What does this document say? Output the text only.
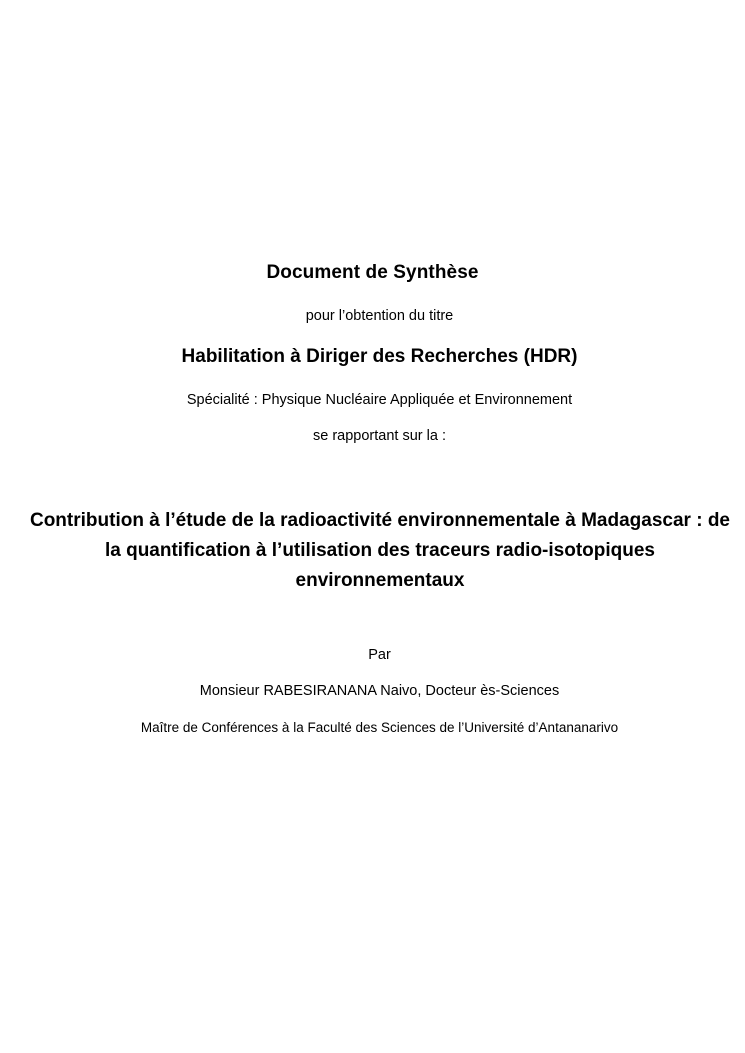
Document de Synthèse

pour l’obtention du titre

Habilitation à Diriger des Recherches (HDR)

Spécialité : Physique Nucléaire Appliquée et Environnement

se rapportant sur la :

Contribution à l’étude de la radioactivité environnementale à Madagascar : de la quantification à l’utilisation des traceurs radio-isotopiques environnementaux

Par

Monsieur RABESIRANANA Naivo, Docteur ès-Sciences

Maître de Conférences à la Faculté des Sciences de l’Université d’Antananarivo
